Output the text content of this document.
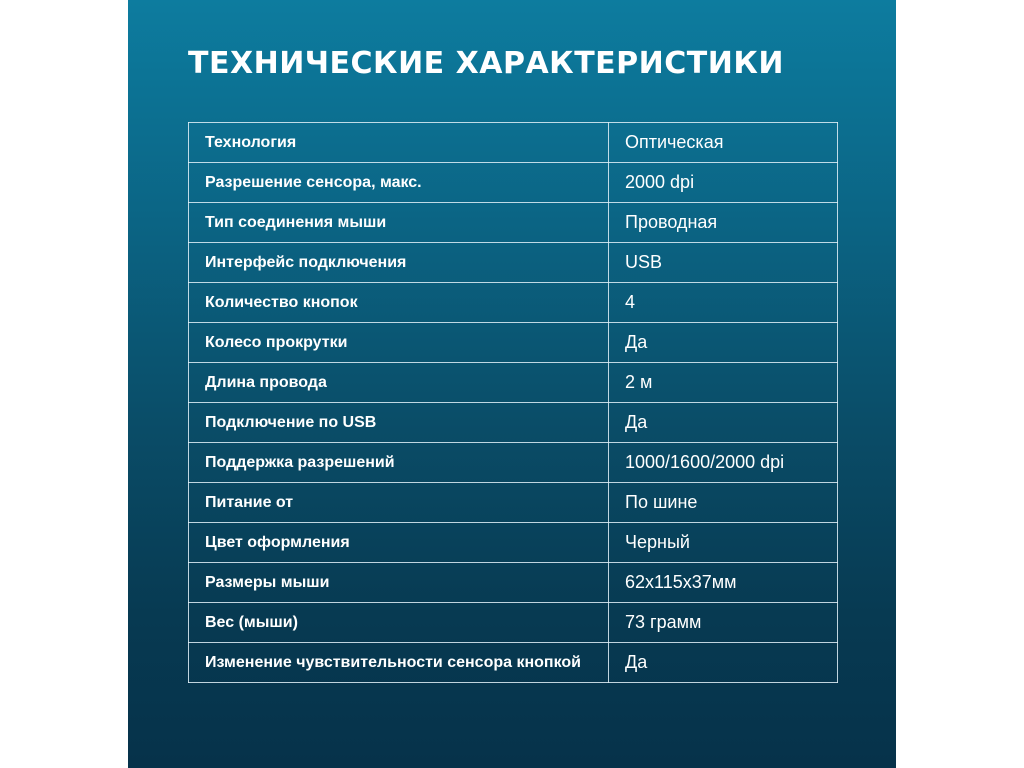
ТЕХНИЧЕСКИЕ ХАРАКТЕРИСТИКИ
Технология	Оптическая
Разрешение сенсора, макс.	2000 dpi
Тип соединения мыши	Проводная
Интерфейс подключения	USB
Количество кнопок	4
Колесо прокрутки	Да
Длина провода	2 м
Подключение по USB	Да
Поддержка разрешений	1000/1600/2000 dpi
Питание от	По шине
Цвет оформления	Черный
Размеры мыши	62x115x37мм
Вес (мыши)	73 грамм
Изменение чувствительности сенсора кнопкой	Да
